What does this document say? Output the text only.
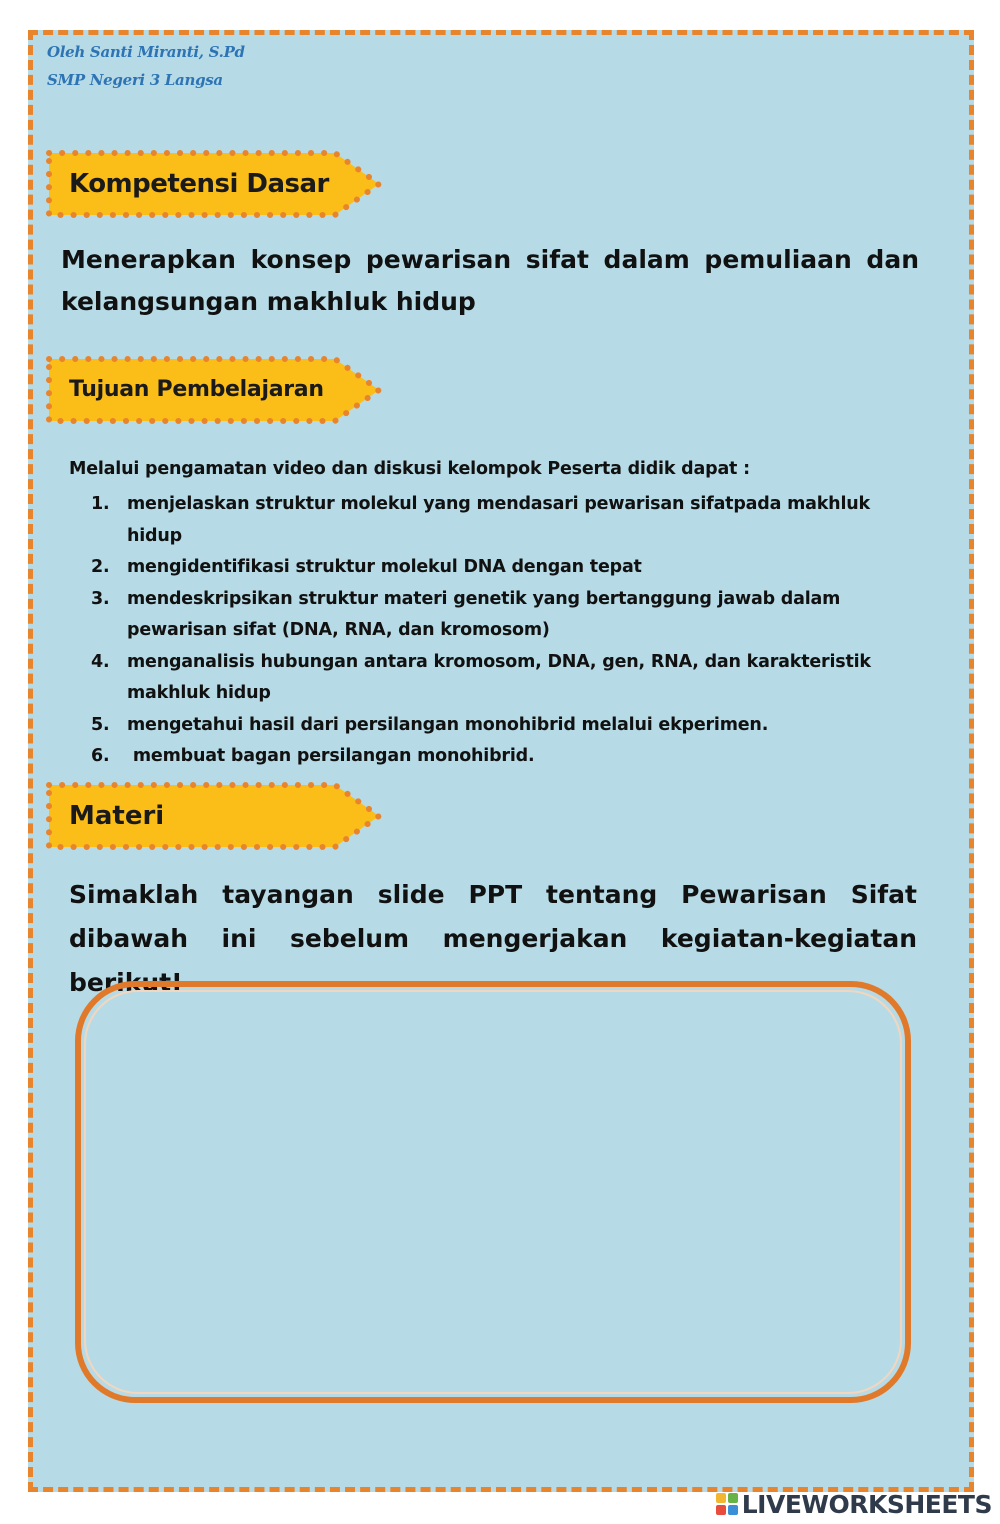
Oleh Santi Miranti, S.Pd
SMP Negeri 3 Langsa
Kompetensi Dasar
Menerapkan konsep pewarisan sifat dalam pemuliaan dan kelangsungan makhluk hidup
Tujuan Pembelajaran
Melalui pengamatan video dan diskusi kelompok Peserta didik dapat :
1. menjelaskan struktur molekul yang mendasari pewarisan sifatpada makhluk hidup
2. mengidentifikasi struktur molekul DNA dengan tepat
3. mendeskripsikan struktur materi genetik yang bertanggung jawab dalam pewarisan sifat (DNA, RNA, dan kromosom)
4. menganalisis hubungan antara kromosom, DNA, gen, RNA, dan karakteristik makhluk hidup
5. mengetahui hasil dari persilangan monohibrid melalui ekperimen.
6. membuat bagan persilangan monohibrid.
Materi
Simaklah tayangan slide PPT tentang Pewarisan Sifat dibawah ini sebelum mengerjakan kegiatan-kegiatan berikut!
LIVEWORKSHEETS
